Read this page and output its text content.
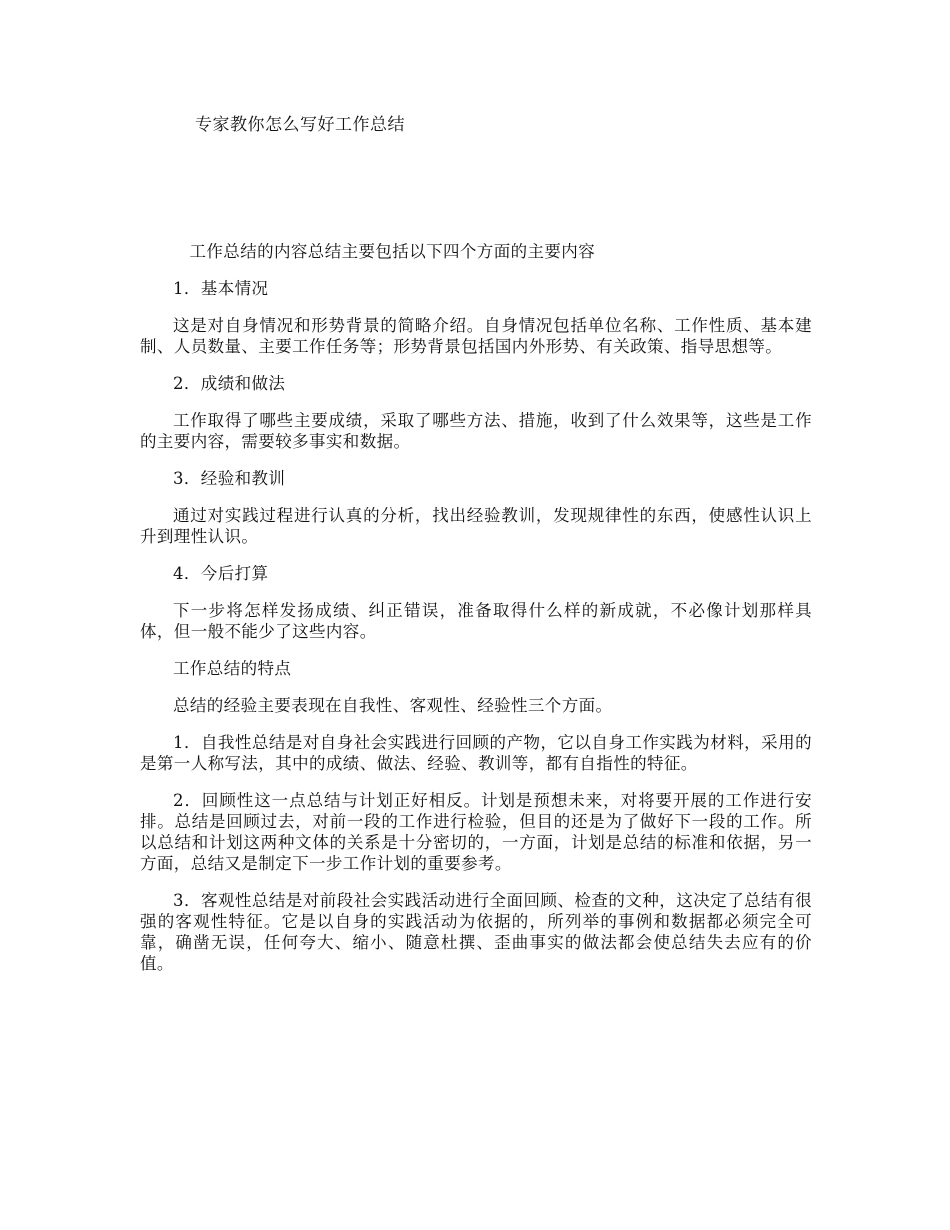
专家教你怎么写好工作总结

工作总结的内容总结主要包括以下四个方面的主要内容

1．基本情况

这是对自身情况和形势背景的简略介绍。自身情况包括单位名称、工作性质、基本建制、人员数量、主要工作任务等；形势背景包括国内外形势、有关政策、指导思想等。

2．成绩和做法

工作取得了哪些主要成绩，采取了哪些方法、措施，收到了什么效果等，这些是工作的主要内容，需要较多事实和数据。

3．经验和教训

通过对实践过程进行认真的分析，找出经验教训，发现规律性的东西，使感性认识上升到理性认识。

4．今后打算

下一步将怎样发扬成绩、纠正错误，准备取得什么样的新成就，不必像计划那样具体，但一般不能少了这些内容。

工作总结的特点

总结的经验主要表现在自我性、客观性、经验性三个方面。

1．自我性总结是对自身社会实践进行回顾的产物，它以自身工作实践为材料，采用的是第一人称写法，其中的成绩、做法、经验、教训等，都有自指性的特征。

2．回顾性这一点总结与计划正好相反。计划是预想未来，对将要开展的工作进行安排。总结是回顾过去，对前一段的工作进行检验，但目的还是为了做好下一段的工作。所以总结和计划这两种文体的关系是十分密切的，一方面，计划是总结的标准和依据，另一方面，总结又是制定下一步工作计划的重要参考。

3．客观性总结是对前段社会实践活动进行全面回顾、检查的文种，这决定了总结有很强的客观性特征。它是以自身的实践活动为依据的，所列举的事例和数据都必须完全可靠，确凿无误，任何夸大、缩小、随意杜撰、歪曲事实的做法都会使总结失去应有的价值。
